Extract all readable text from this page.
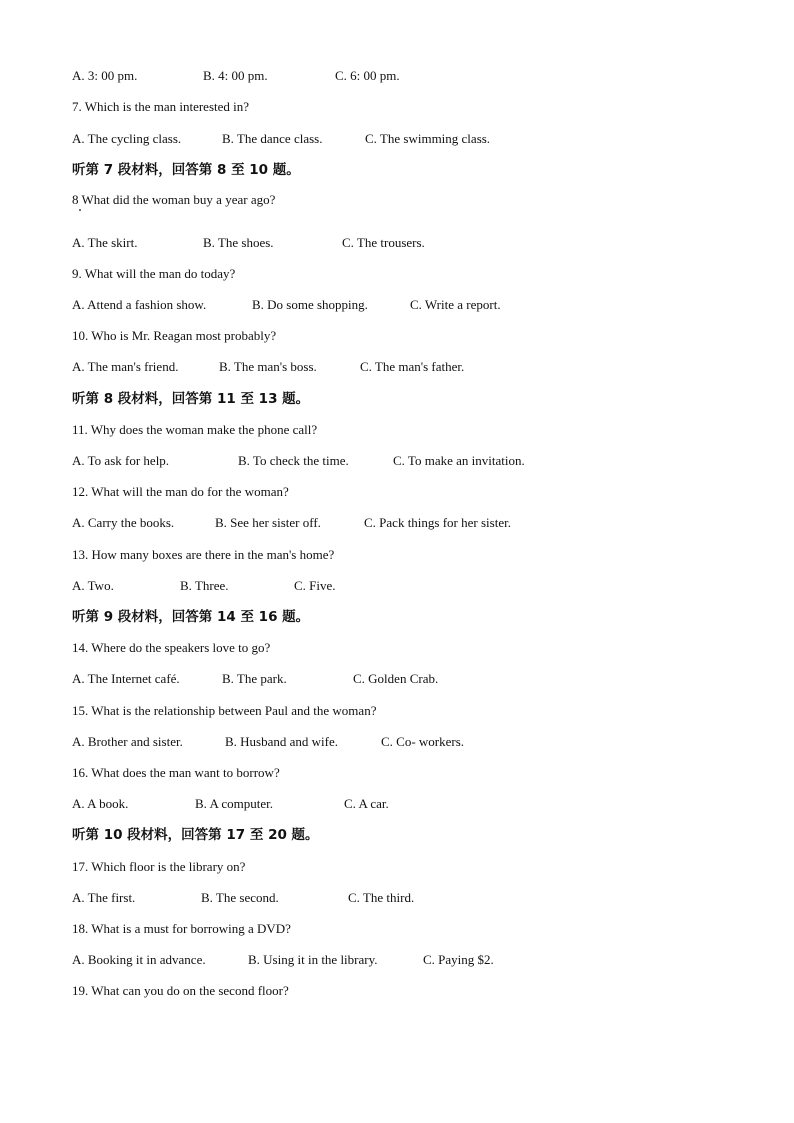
A. 3: 00 pm.	B. 4: 00 pm.	C. 6: 00 pm.
7. Which is the man interested in?
A. The cycling class.	B. The dance class.	C. The swimming class.
听第 7 段材料，回答第 8 至 10 题。
8 What did the woman buy a year ago?
A. The skirt.	B. The shoes.	C. The trousers.
9. What will the man do today?
A. Attend a fashion show.	B. Do some shopping.	C. Write a report.
10. Who is Mr. Reagan most probably?
A. The man's friend.	B. The man's boss.	C. The man's father.
听第 8 段材料，回答第 11 至 13 题。
11. Why does the woman make the phone call?
A. To ask for help.	B. To check the time.	C. To make an invitation.
12. What will the man do for the woman?
A. Carry the books.	B. See her sister off.	C. Pack things for her sister.
13. How many boxes are there in the man's home?
A. Two.	B. Three.	C. Five.
听第 9 段材料，回答第 14 至 16 题。
14. Where do the speakers love to go?
A. The Internet café.	B. The park.	C. Golden Crab.
15. What is the relationship between Paul and the woman?
A. Brother and sister.	B. Husband and wife.	C. Co- workers.
16. What does the man want to borrow?
A. A book.	B. A computer.	C. A car.
听第 10 段材料，回答第 17 至 20 题。
17. Which floor is the library on?
A. The first.	B. The second.	C. The third.
18. What is a must for borrowing a DVD?
A. Booking it in advance.	B. Using it in the library.	C. Paying $2.
19. What can you do on the second floor?
